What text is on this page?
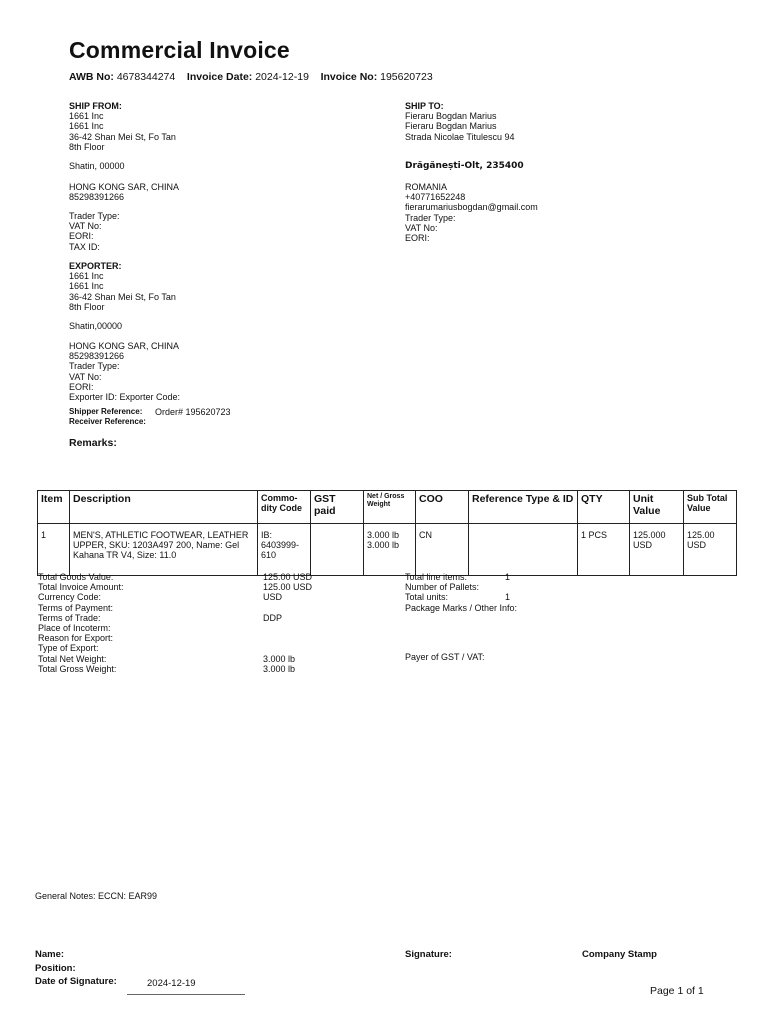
Commercial Invoice
AWB No: 4678344274 Invoice Date: 2024-12-19 Invoice No: 195620723
SHIP FROM:
1661 Inc
1661 Inc
36-42 Shan Mei St, Fo Tan
8th Floor
Shatin, 00000
HONG KONG SAR, CHINA
85298391266
Trader Type:
VAT No:
EORI:
TAX ID:
SHIP TO:
Fieraru Bogdan Marius
Fieraru Bogdan Marius
Strada Nicolae Titulescu 94
Drăgănești-Olt, 235400
ROMANIA
+40771652248
fierarumariusbogdan@gmail.com
Trader Type:
VAT No:
EORI:
EXPORTER:
1661 Inc
1661 Inc
36-42 Shan Mei St, Fo Tan
8th Floor
Shatin,00000
HONG KONG SAR, CHINA
85298391266
Trader Type:
VAT No:
EORI:
Exporter ID: Exporter Code:
Shipper Reference: Order# 195620723
Receiver Reference:
Remarks:
Item	Description	Commo-dity Code	GST paid	Net / Gross Weight	COO	Reference Type & ID	QTY	Unit Value	Sub Total Value
1	MEN'S, ATHLETIC FOOTWEAR, LEATHER UPPER, SKU: 1203A497 200, Name: Gel Kahana TR V4, Size: 11.0	IB: 6403999-610		3.000 lb
3.000 lb	CN		1 PCS	125.000 USD	125.00 USD
Total Goods Value:	125.00 USD
Total Invoice Amount:	125.00 USD
Currency Code:	USD
Terms of Payment:
Terms of Trade:	DDP
Place of Incoterm:
Reason for Export:
Type of Export:
Total Net Weight:	3.000 lb
Total Gross Weight:	3.000 lb
Total line items:	1
Number of Pallets:
Total units:	1
Package Marks / Other Info:
Payer of GST / VAT:
General Notes: ECCN: EAR99
Name:
Position:
Date of Signature:	2024-12-19
Signature:	Company Stamp
Page 1 of 1
